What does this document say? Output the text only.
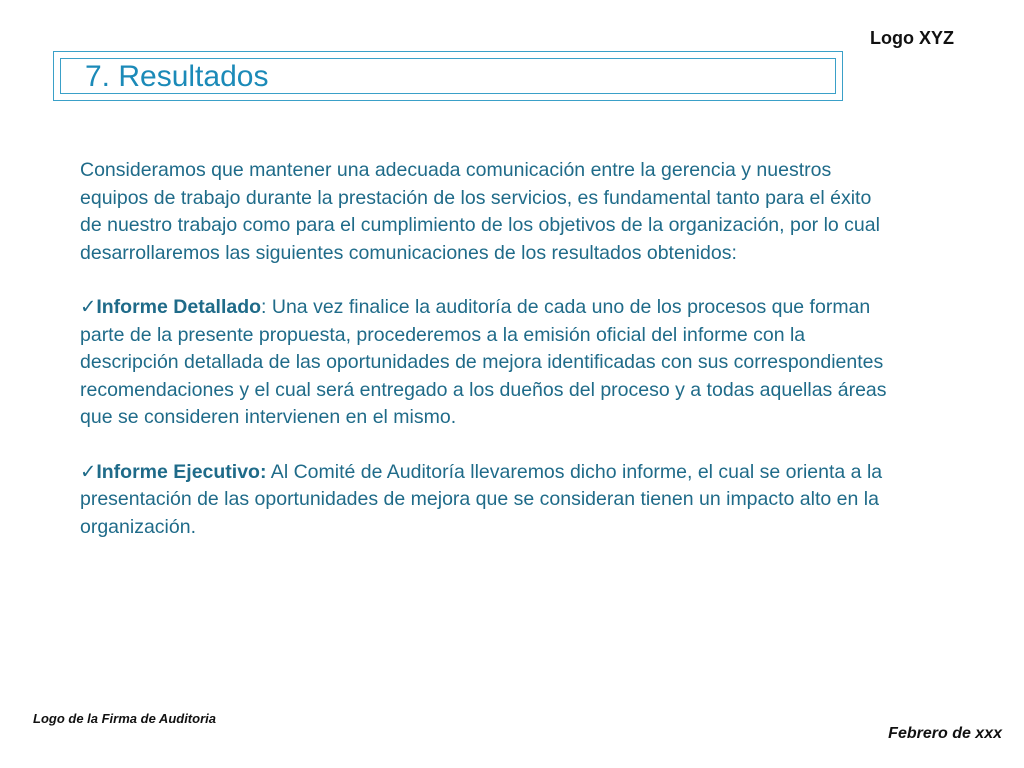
Logo XYZ
7. Resultados

Consideramos que mantener una adecuada comunicación entre la gerencia y nuestros equipos de trabajo durante la prestación de los servicios, es fundamental tanto para el éxito de nuestro trabajo como para el cumplimiento de los objetivos de la organización, por lo cual desarrollaremos las siguientes comunicaciones de los resultados obtenidos:

✓Informe Detallado: Una vez finalice la auditoría de cada uno de los procesos que forman parte de la presente propuesta, procederemos a la emisión oficial del informe con la descripción detallada de las oportunidades de mejora identificadas con sus correspondientes recomendaciones y el cual será entregado a los dueños del proceso y a todas aquellas áreas que se consideren intervienen en el mismo.

✓Informe Ejecutivo: Al Comité de Auditoría llevaremos dicho informe, el cual se orienta a la presentación de las oportunidades de mejora que se consideran tienen un impacto alto en la organización.

Logo de la Firma de Auditoria
Febrero de xxx
